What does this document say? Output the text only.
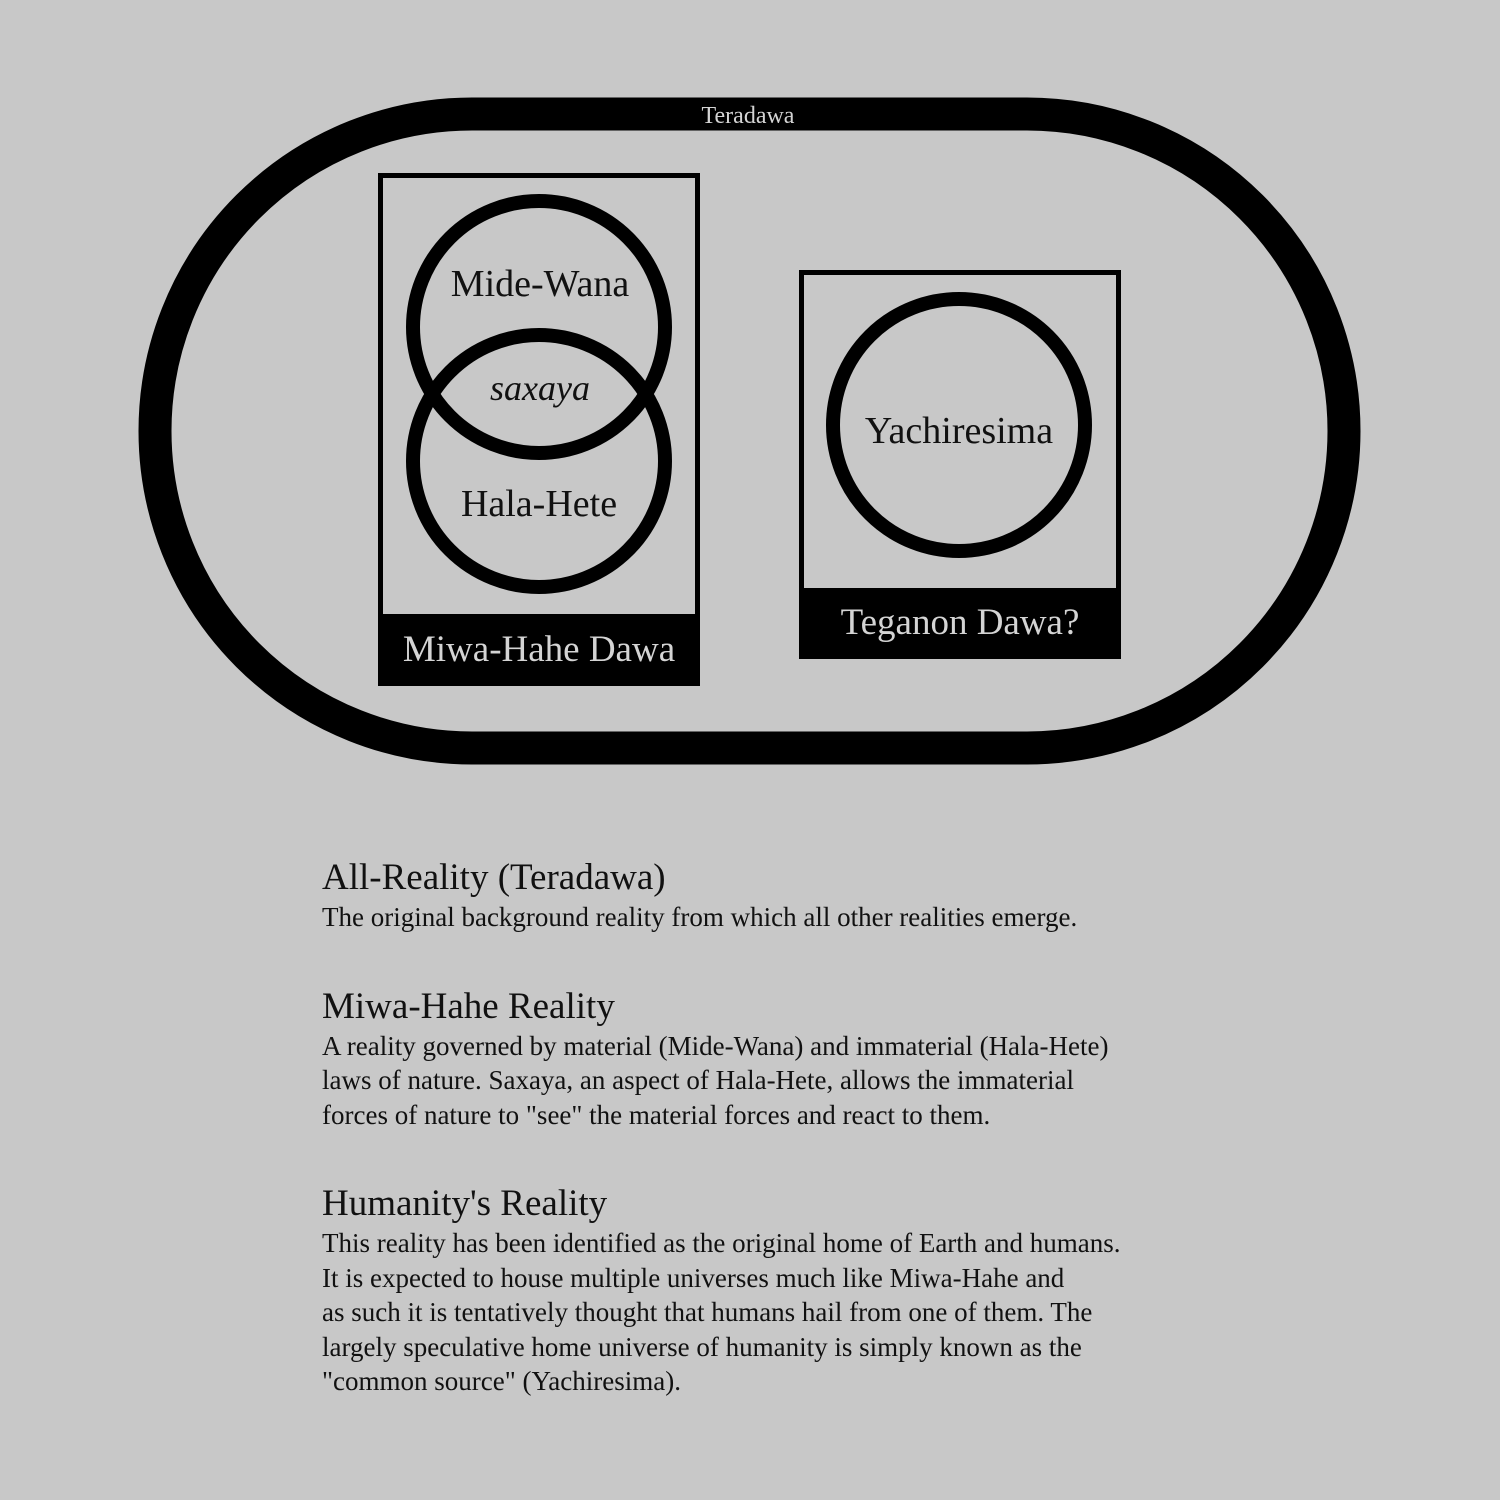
Teradawa
Miwa-Hahe Dawa
Mide-Wana
saxaya
Hala-Hete
Teganon Dawa?
Yachiresima
All-Reality (Teradawa)

The original background reality from which all other realities emerge.

Miwa-Hahe Reality

A reality governed by material (Mide-Wana) and immaterial (Hala-Hete)
laws of nature. Saxaya, an aspect of Hala-Hete, allows the immaterial
forces of nature to "see" the material forces and react to them.

Humanity's Reality

This reality has been identified as the original home of Earth and humans.
It is expected to house multiple universes much like Miwa-Hahe and
as such it is tentatively thought that humans hail from one of them. The
largely speculative home universe of humanity is simply known as the
"common source" (Yachiresima).
